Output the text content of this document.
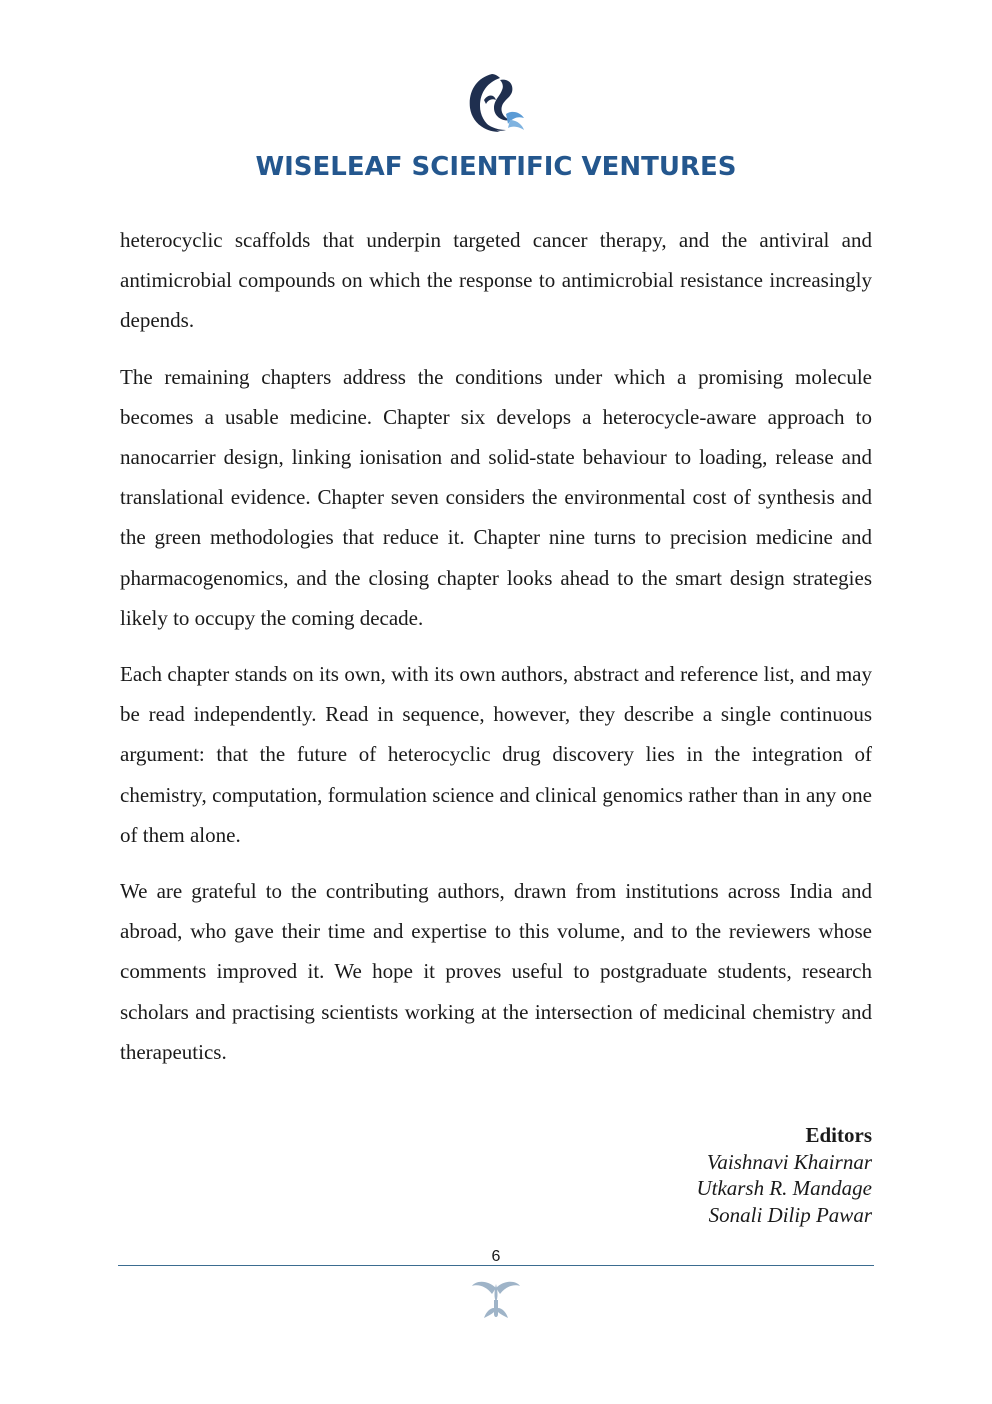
WISELEAF SCIENTIFIC VENTURES

heterocyclic scaffolds that underpin targeted cancer therapy, and the antiviral and antimicrobial compounds on which the response to antimicrobial resistance increasingly depends.

The remaining chapters address the conditions under which a promising molecule becomes a usable medicine. Chapter six develops a heterocycle-aware approach to nanocarrier design, linking ionisation and solid-state behaviour to loading, release and translational evidence. Chapter seven considers the environmental cost of synthesis and the green methodologies that reduce it. Chapter nine turns to precision medicine and pharmacogenomics, and the closing chapter looks ahead to the smart design strategies likely to occupy the coming decade.

Each chapter stands on its own, with its own authors, abstract and reference list, and may be read independently. Read in sequence, however, they describe a single continuous argument: that the future of heterocyclic drug discovery lies in the integration of chemistry, computation, formulation science and clinical genomics rather than in any one of them alone.

We are grateful to the contributing authors, drawn from institutions across India and abroad, who gave their time and expertise to this volume, and to the reviewers whose comments improved it. We hope it proves useful to postgraduate students, research scholars and practising scientists working at the intersection of medicinal chemistry and therapeutics.

Editors
Vaishnavi Khairnar
Utkarsh R. Mandage
Sonali Dilip Pawar
6
